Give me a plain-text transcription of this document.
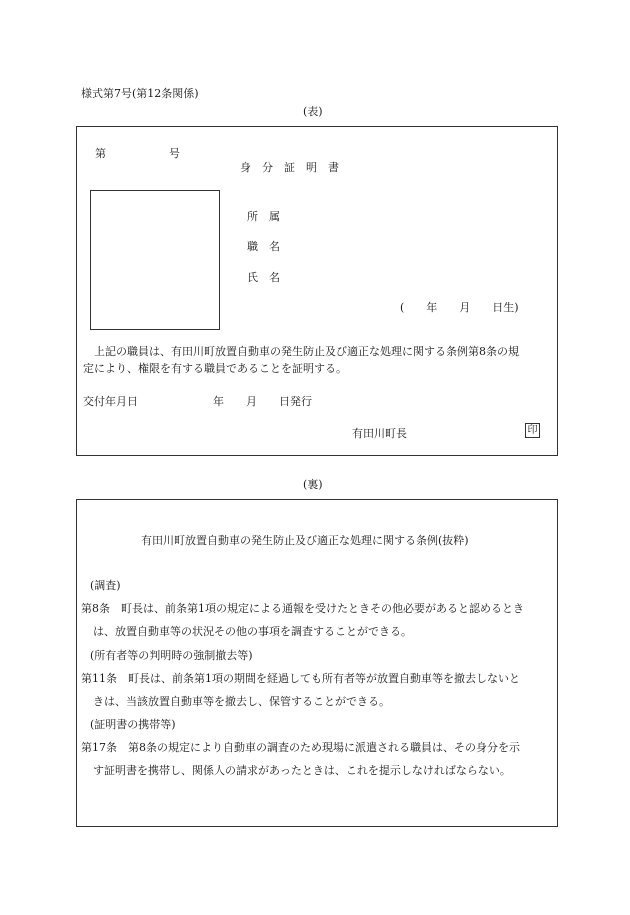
様式第7号(第12条関係)
(表)
第	号
身　分　証　明　書
所　属
職　名
氏　名
(　　年　　月　　日生)
　上記の職員は、有田川町放置自動車の発生防止及び適正な処理に関する条例第8条の規
定により、権限を有する職員であることを証明する。
交付年月日	年　　月　　日発行
有田川町長	印
(裏)
有田川町放置自動車の発生防止及び適正な処理に関する条例(抜粋)
(調査)
第8条　町長は、前条第1項の規定による通報を受けたときその他必要があると認めるとき
は、放置自動車等の状況その他の事項を調査することができる。
(所有者等の判明時の強制撤去等)
第11条　町長は、前条第1項の期間を経過しても所有者等が放置自動車等を撤去しないと
きは、当該放置自動車等を撤去し、保管することができる。
(証明書の携帯等)
第17条　第8条の規定により自動車の調査のため現場に派遣される職員は、その身分を示
す証明書を携帯し、関係人の請求があったときは、これを提示しなければならない。
